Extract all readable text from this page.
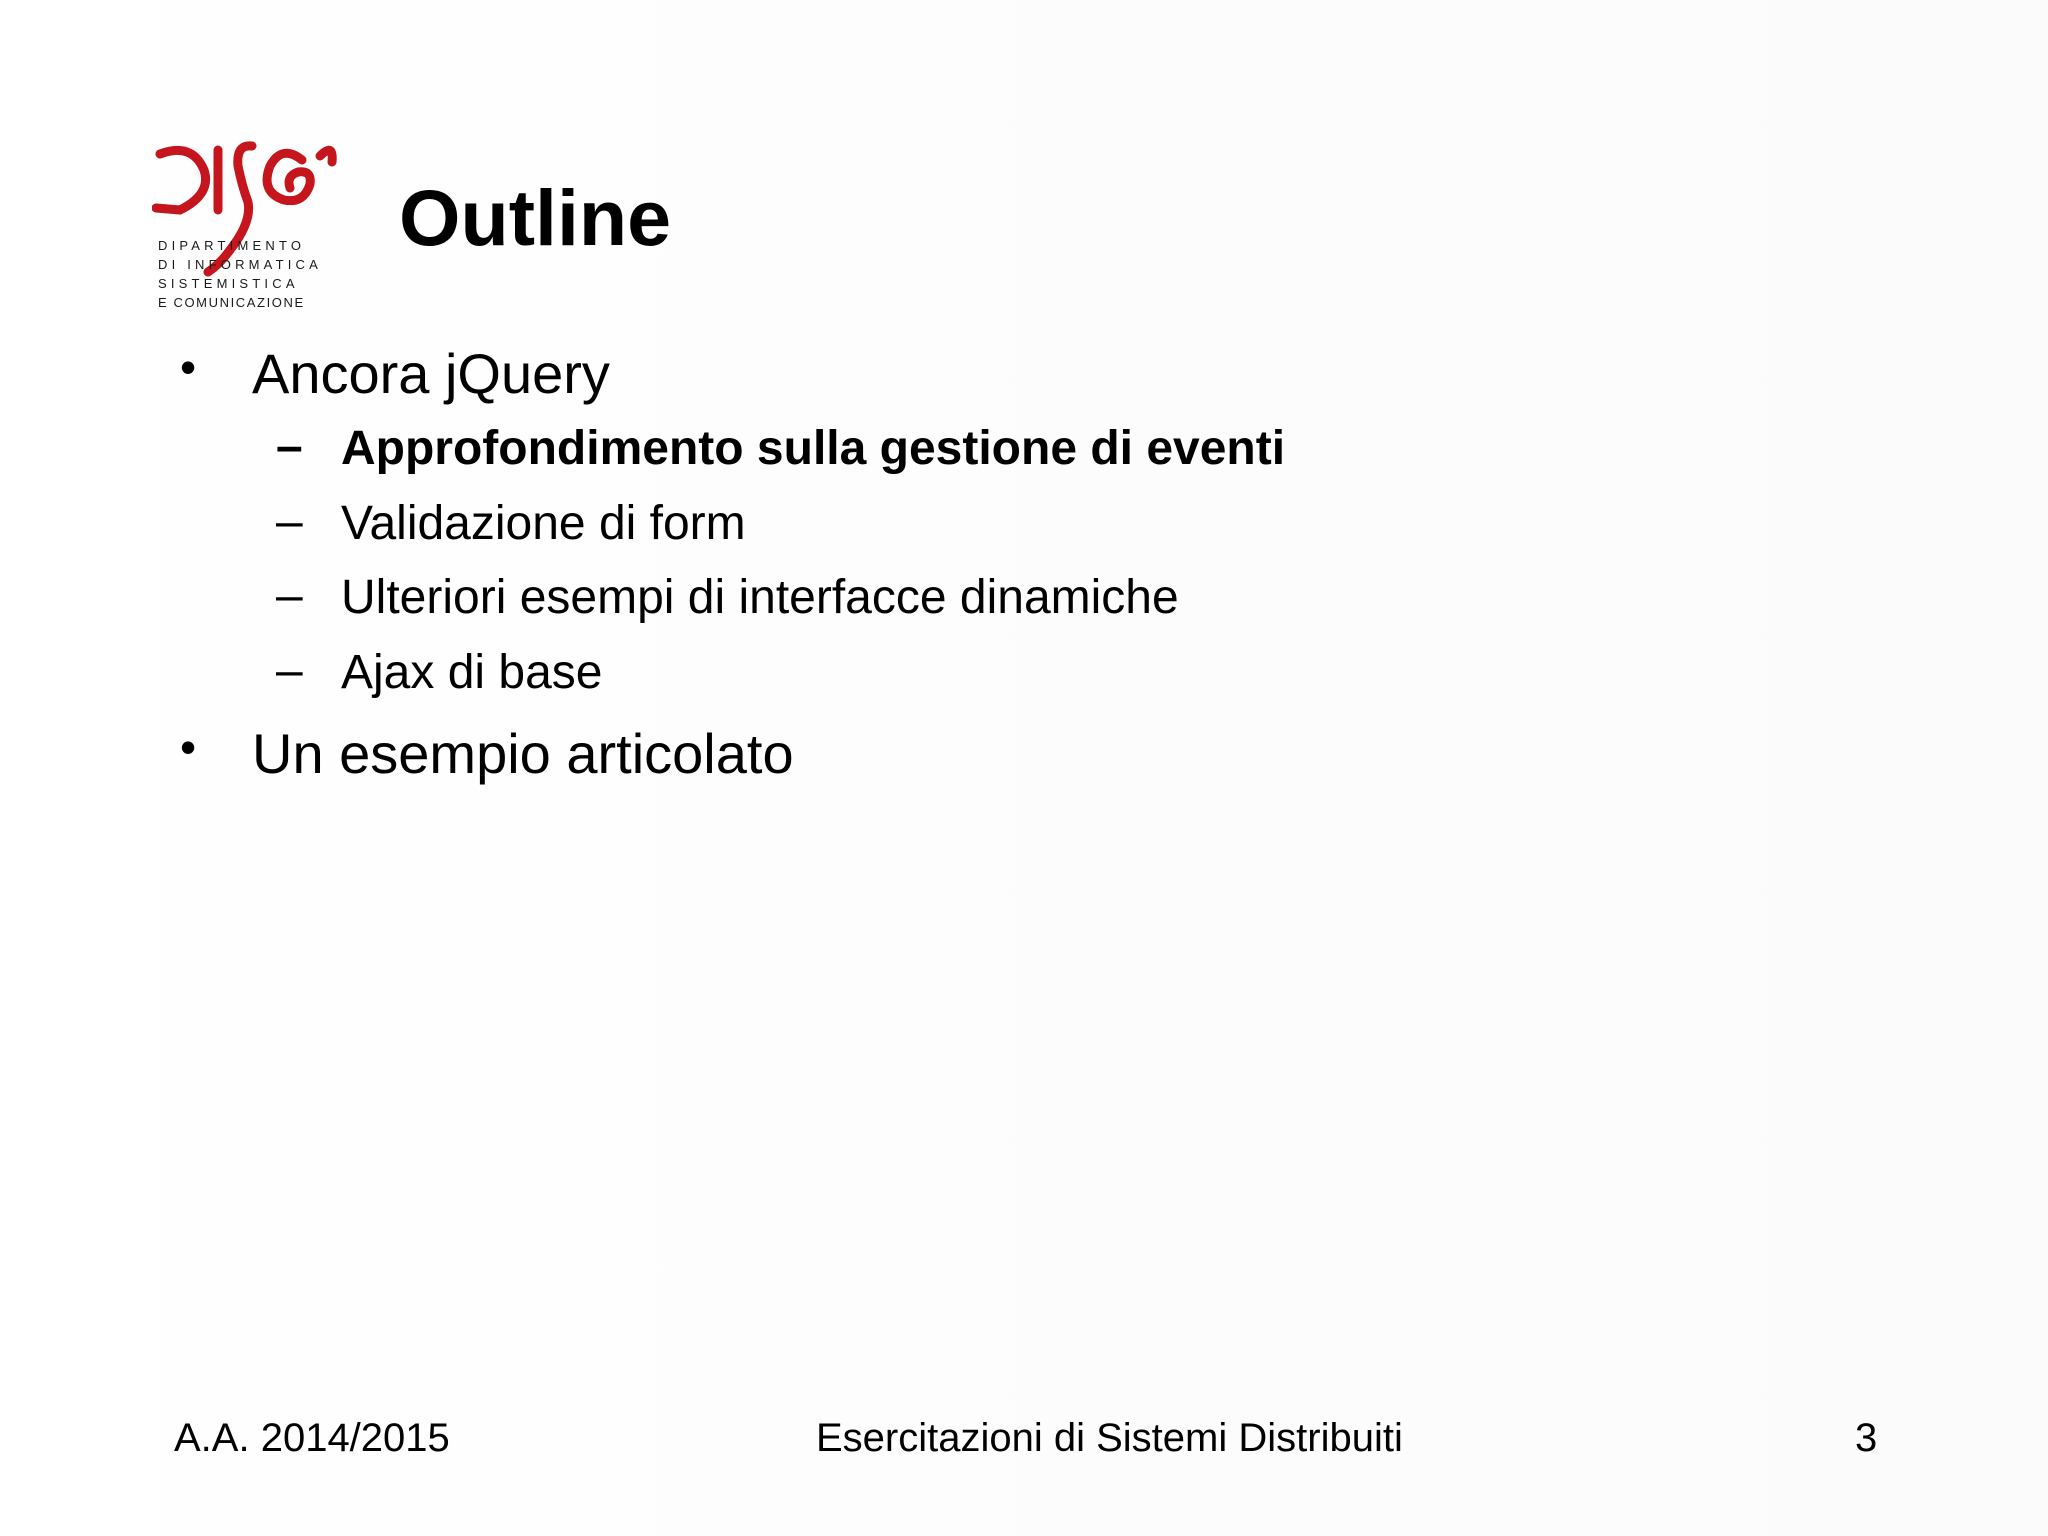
DIPARTIMENTO
DI INFORMATICA
SISTEMISTICA
E COMUNICAZIONE
Outline
• Ancora jQuery
– Approfondimento sulla gestione di eventi
– Validazione di form
– Ulteriori esempi di interfacce dinamiche
– Ajax di base
• Un esempio articolato
A.A. 2014/2015	Esercitazioni di Sistemi Distribuiti	3
